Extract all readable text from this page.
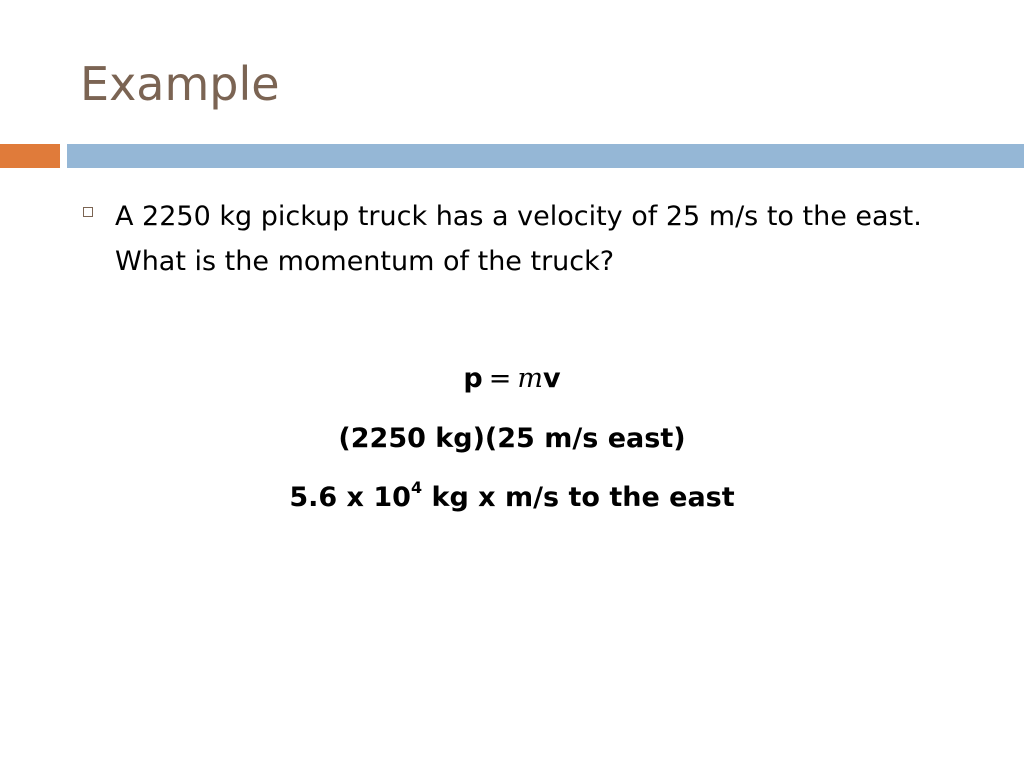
Example
A 2250 kg pickup truck has a velocity of 25 m/s to the east. What is the momentum of the truck?
p = mv
(2250 kg)(25 m/s east)
5.6 x $10^4$ kg x m/s to the east
